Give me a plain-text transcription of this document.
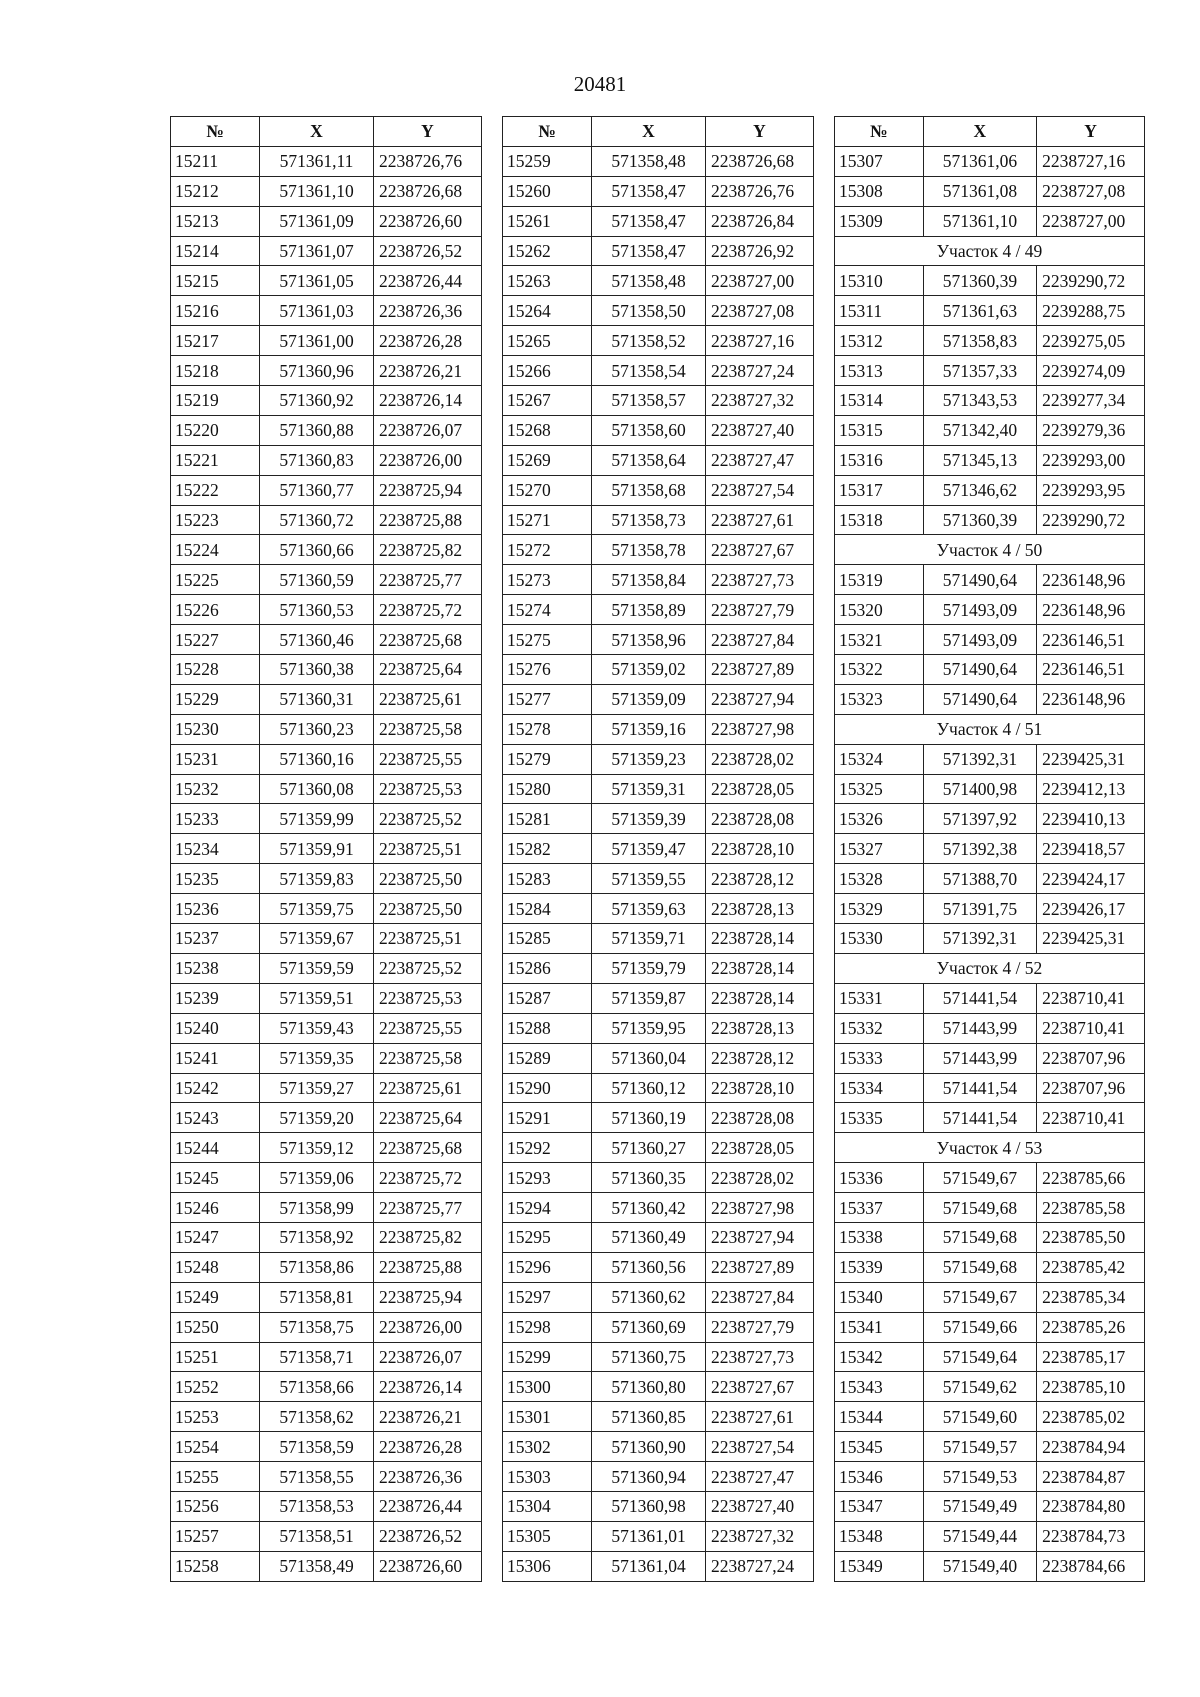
20481
№	X	Y
15211	571361,11	2238726,76
15212	571361,10	2238726,68
15213	571361,09	2238726,60
15214	571361,07	2238726,52
15215	571361,05	2238726,44
15216	571361,03	2238726,36
15217	571361,00	2238726,28
15218	571360,96	2238726,21
15219	571360,92	2238726,14
15220	571360,88	2238726,07
15221	571360,83	2238726,00
15222	571360,77	2238725,94
15223	571360,72	2238725,88
15224	571360,66	2238725,82
15225	571360,59	2238725,77
15226	571360,53	2238725,72
15227	571360,46	2238725,68
15228	571360,38	2238725,64
15229	571360,31	2238725,61
15230	571360,23	2238725,58
15231	571360,16	2238725,55
15232	571360,08	2238725,53
15233	571359,99	2238725,52
15234	571359,91	2238725,51
15235	571359,83	2238725,50
15236	571359,75	2238725,50
15237	571359,67	2238725,51
15238	571359,59	2238725,52
15239	571359,51	2238725,53
15240	571359,43	2238725,55
15241	571359,35	2238725,58
15242	571359,27	2238725,61
15243	571359,20	2238725,64
15244	571359,12	2238725,68
15245	571359,06	2238725,72
15246	571358,99	2238725,77
15247	571358,92	2238725,82
15248	571358,86	2238725,88
15249	571358,81	2238725,94
15250	571358,75	2238726,00
15251	571358,71	2238726,07
15252	571358,66	2238726,14
15253	571358,62	2238726,21
15254	571358,59	2238726,28
15255	571358,55	2238726,36
15256	571358,53	2238726,44
15257	571358,51	2238726,52
15258	571358,49	2238726,60
№	X	Y
15259	571358,48	2238726,68
15260	571358,47	2238726,76
15261	571358,47	2238726,84
15262	571358,47	2238726,92
15263	571358,48	2238727,00
15264	571358,50	2238727,08
15265	571358,52	2238727,16
15266	571358,54	2238727,24
15267	571358,57	2238727,32
15268	571358,60	2238727,40
15269	571358,64	2238727,47
15270	571358,68	2238727,54
15271	571358,73	2238727,61
15272	571358,78	2238727,67
15273	571358,84	2238727,73
15274	571358,89	2238727,79
15275	571358,96	2238727,84
15276	571359,02	2238727,89
15277	571359,09	2238727,94
15278	571359,16	2238727,98
15279	571359,23	2238728,02
15280	571359,31	2238728,05
15281	571359,39	2238728,08
15282	571359,47	2238728,10
15283	571359,55	2238728,12
15284	571359,63	2238728,13
15285	571359,71	2238728,14
15286	571359,79	2238728,14
15287	571359,87	2238728,14
15288	571359,95	2238728,13
15289	571360,04	2238728,12
15290	571360,12	2238728,10
15291	571360,19	2238728,08
15292	571360,27	2238728,05
15293	571360,35	2238728,02
15294	571360,42	2238727,98
15295	571360,49	2238727,94
15296	571360,56	2238727,89
15297	571360,62	2238727,84
15298	571360,69	2238727,79
15299	571360,75	2238727,73
15300	571360,80	2238727,67
15301	571360,85	2238727,61
15302	571360,90	2238727,54
15303	571360,94	2238727,47
15304	571360,98	2238727,40
15305	571361,01	2238727,32
15306	571361,04	2238727,24
№	X	Y
15307	571361,06	2238727,16
15308	571361,08	2238727,08
15309	571361,10	2238727,00
Участок 4 / 49		
15310	571360,39	2239290,72
15311	571361,63	2239288,75
15312	571358,83	2239275,05
15313	571357,33	2239274,09
15314	571343,53	2239277,34
15315	571342,40	2239279,36
15316	571345,13	2239293,00
15317	571346,62	2239293,95
15318	571360,39	2239290,72
Участок 4 / 50		
15319	571490,64	2236148,96
15320	571493,09	2236148,96
15321	571493,09	2236146,51
15322	571490,64	2236146,51
15323	571490,64	2236148,96
Участок 4 / 51		
15324	571392,31	2239425,31
15325	571400,98	2239412,13
15326	571397,92	2239410,13
15327	571392,38	2239418,57
15328	571388,70	2239424,17
15329	571391,75	2239426,17
15330	571392,31	2239425,31
Участок 4 / 52		
15331	571441,54	2238710,41
15332	571443,99	2238710,41
15333	571443,99	2238707,96
15334	571441,54	2238707,96
15335	571441,54	2238710,41
Участок 4 / 53		
15336	571549,67	2238785,66
15337	571549,68	2238785,58
15338	571549,68	2238785,50
15339	571549,68	2238785,42
15340	571549,67	2238785,34
15341	571549,66	2238785,26
15342	571549,64	2238785,17
15343	571549,62	2238785,10
15344	571549,60	2238785,02
15345	571549,57	2238784,94
15346	571549,53	2238784,87
15347	571549,49	2238784,80
15348	571549,44	2238784,73
15349	571549,40	2238784,66
